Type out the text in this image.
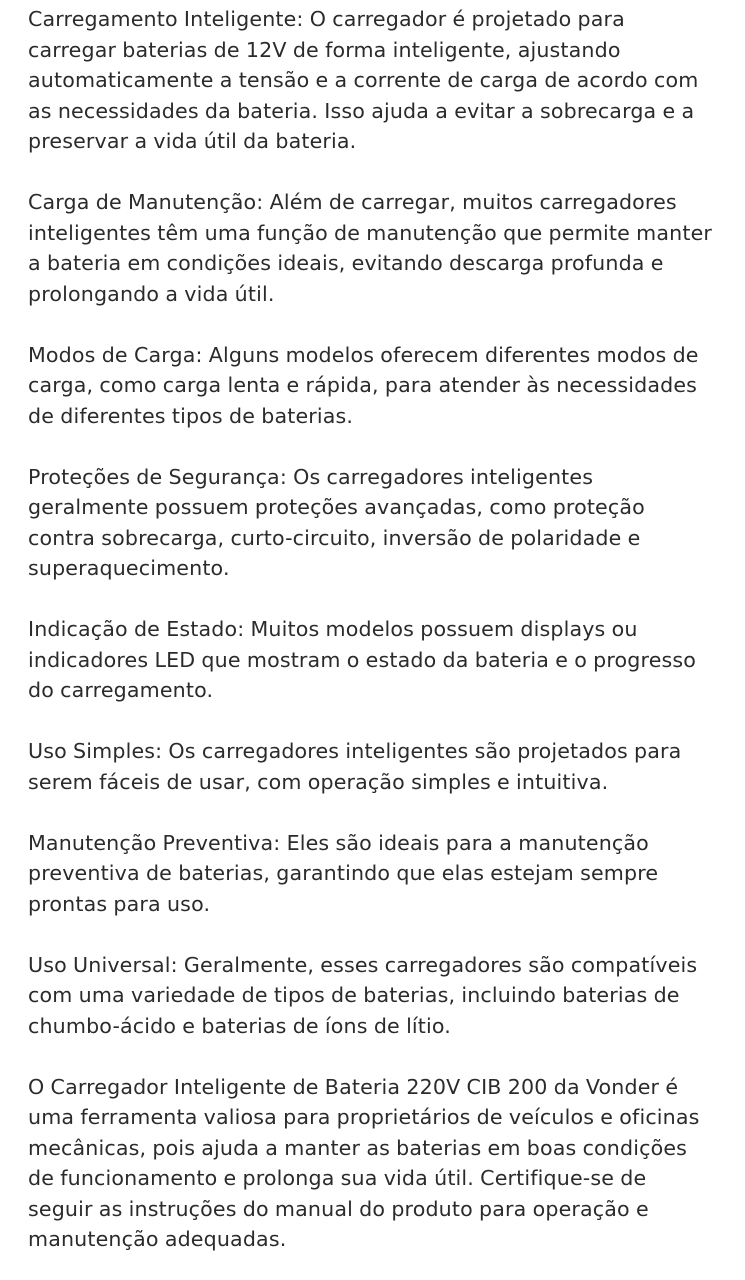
Carregamento Inteligente: O carregador é projetado para carregar baterias de 12V de forma inteligente, ajustando automaticamente a tensão e a corrente de carga de acordo com as necessidades da bateria. Isso ajuda a evitar a sobrecarga e a preservar a vida útil da bateria.

Carga de Manutenção: Além de carregar, muitos carregadores inteligentes têm uma função de manutenção que permite manter a bateria em condições ideais, evitando descarga profunda e prolongando a vida útil.

Modos de Carga: Alguns modelos oferecem diferentes modos de carga, como carga lenta e rápida, para atender às necessidades de diferentes tipos de baterias.

Proteções de Segurança: Os carregadores inteligentes geralmente possuem proteções avançadas, como proteção contra sobrecarga, curto-circuito, inversão de polaridade e superaquecimento.

Indicação de Estado: Muitos modelos possuem displays ou indicadores LED que mostram o estado da bateria e o progresso do carregamento.

Uso Simples: Os carregadores inteligentes são projetados para serem fáceis de usar, com operação simples e intuitiva.

Manutenção Preventiva: Eles são ideais para a manutenção preventiva de baterias, garantindo que elas estejam sempre prontas para uso.

Uso Universal: Geralmente, esses carregadores são compatíveis com uma variedade de tipos de baterias, incluindo baterias de chumbo-ácido e baterias de íons de lítio.

O Carregador Inteligente de Bateria 220V CIB 200 da Vonder é uma ferramenta valiosa para proprietários de veículos e oficinas mecânicas, pois ajuda a manter as baterias em boas condições de funcionamento e prolonga sua vida útil. Certifique-se de seguir as instruções do manual do produto para operação e manutenção adequadas.
